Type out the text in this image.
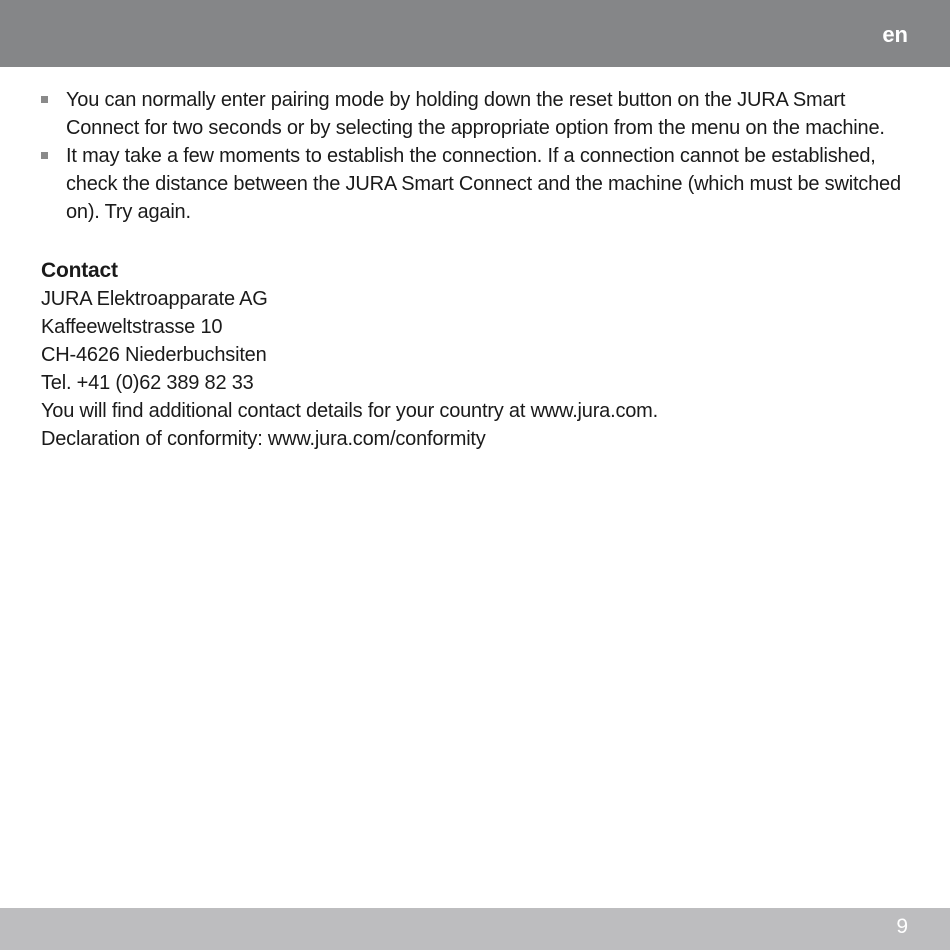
en
You can normally enter pairing mode by holding down the reset button on the JURA Smart Connect for two seconds or by selecting the appropriate option from the menu on the machine.
It may take a few moments to establish the connection. If a connection cannot be established, check the distance between the JURA Smart Connect and the machine (which must be switched on). Try again.
Contact
JURA Elektroapparate AG
Kaffeeweltstrasse 10
CH-4626 Niederbuchsiten
Tel. +41 (0)62 389 82 33
You will find additional contact details for your country at www.jura.com.
Declaration of conformity: www.jura.com/conformity
9
